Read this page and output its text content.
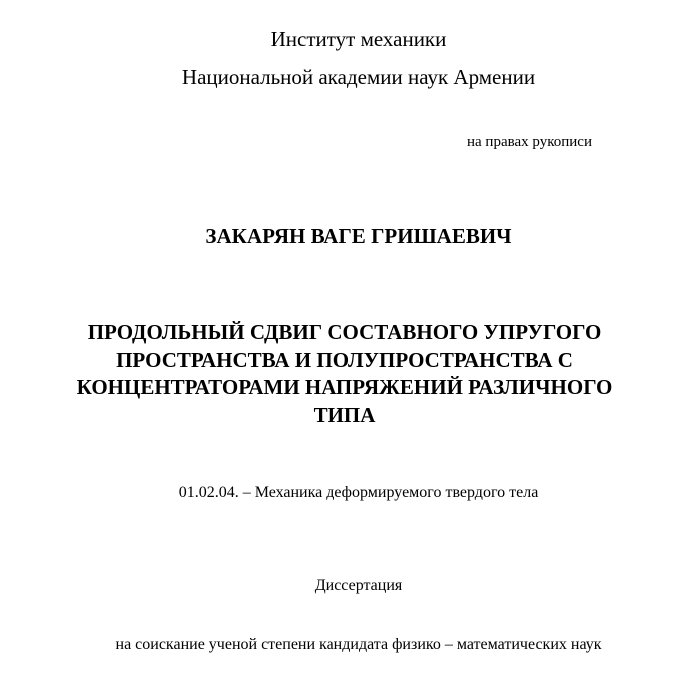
Институт механики
Национальной академии наук Армении
на правах рукописи
ЗАКАРЯН ВАГЕ ГРИШАЕВИЧ
ПРОДОЛЬНЫЙ СДВИГ СОСТАВНОГО УПРУГОГО
ПРОСТРАНСТВА И ПОЛУПРОСТРАНСТВА С
КОНЦЕНТРАТОРАМИ НАПРЯЖЕНИЙ РАЗЛИЧНОГО
ТИПА
01.02.04. – Механика деформируемого твердого тела
Диссертация
на соискание ученой степени кандидата физико – математических наук
